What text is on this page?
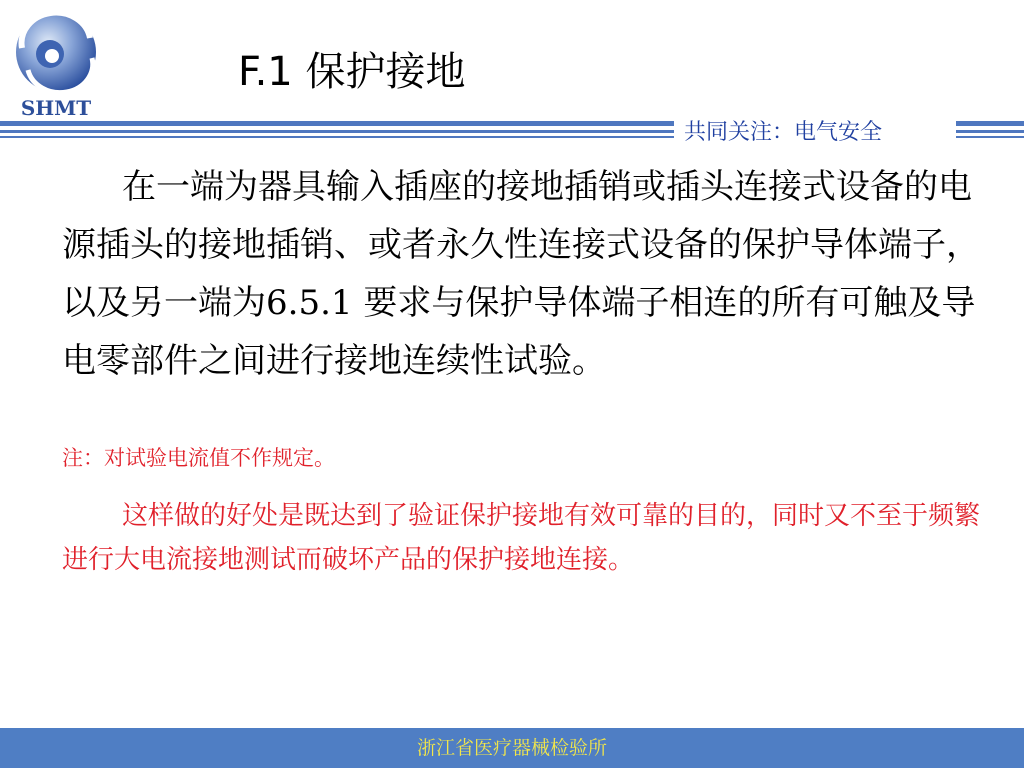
SHMT
F.1 保护接地
共同关注：电气安全

在一端为器具输入插座的接地插销或插头连接式设备的电源插头的接地插销、或者永久性连接式设备的保护导体端子，以及另一端为6.5.1 要求与保护导体端子相连的所有可触及导电零部件之间进行接地连续性试验。

注：对试验电流值不作规定。

这样做的好处是既达到了验证保护接地有效可靠的目的，同时又不至于频繁进行大电流接地测试而破坏产品的保护接地连接。

浙江省医疗器械检验所
